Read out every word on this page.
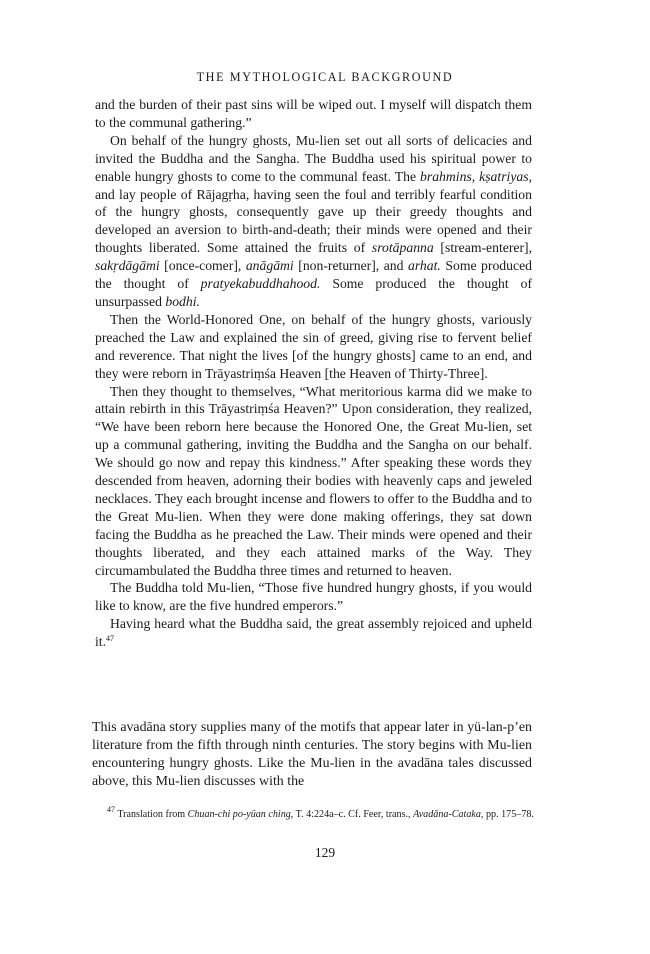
THE MYTHOLOGICAL BACKGROUND

and the burden of their past sins will be wiped out. I myself will dispatch them to the communal gathering.”

On behalf of the hungry ghosts, Mu-lien set out all sorts of delicacies and invited the Buddha and the Sangha. The Buddha used his spiritual power to enable hungry ghosts to come to the communal feast. The brahmins, kṣatriyas, and lay people of Rājagṛha, having seen the foul and terribly fearful condition of the hungry ghosts, consequently gave up their greedy thoughts and developed an aversion to birth-and-death; their minds were opened and their thoughts liberated. Some attained the fruits of srotāpanna [stream-enterer], sakṛdāgāmi [once-comer], anāgāmi [non-returner], and arhat. Some produced the thought of pratyekabuddhahood. Some produced the thought of unsurpassed bodhi.

Then the World-Honored One, on behalf of the hungry ghosts, variously preached the Law and explained the sin of greed, giving rise to fervent belief and reverence. That night the lives [of the hungry ghosts] came to an end, and they were reborn in Trāyastriṃśa Heaven [the Heaven of Thirty-Three].

Then they thought to themselves, “What meritorious karma did we make to attain rebirth in this Trāyastriṃśa Heaven?” Upon consideration, they realized, “We have been reborn here because the Honored One, the Great Mu-lien, set up a communal gathering, inviting the Buddha and the Sangha on our behalf. We should go now and repay this kindness.” After speaking these words they descended from heaven, adorning their bodies with heavenly caps and jeweled necklaces. They each brought incense and flowers to offer to the Buddha and to the Great Mu-lien. When they were done making offerings, they sat down facing the Buddha as he preached the Law. Their minds were opened and their thoughts liberated, and they each attained marks of the Way. They circumambulated the Buddha three times and returned to heaven.

The Buddha told Mu-lien, “Those five hundred hungry ghosts, if you would like to know, are the five hundred emperors.”

Having heard what the Buddha said, the great assembly rejoiced and upheld it.$^{47}$

This avadāna story supplies many of the motifs that appear later in yü-lan-p’en literature from the fifth through ninth centuries. The story begins with Mu-lien encountering hungry ghosts. Like the Mu-lien in the avadāna tales discussed above, this Mu-lien discusses with the

$^{47}$ Translation from Chuan-chi po-yüan ching, T. 4:224a–c. Cf. Feer, trans., Avadāna-Cataka, pp. 175–78.

129
